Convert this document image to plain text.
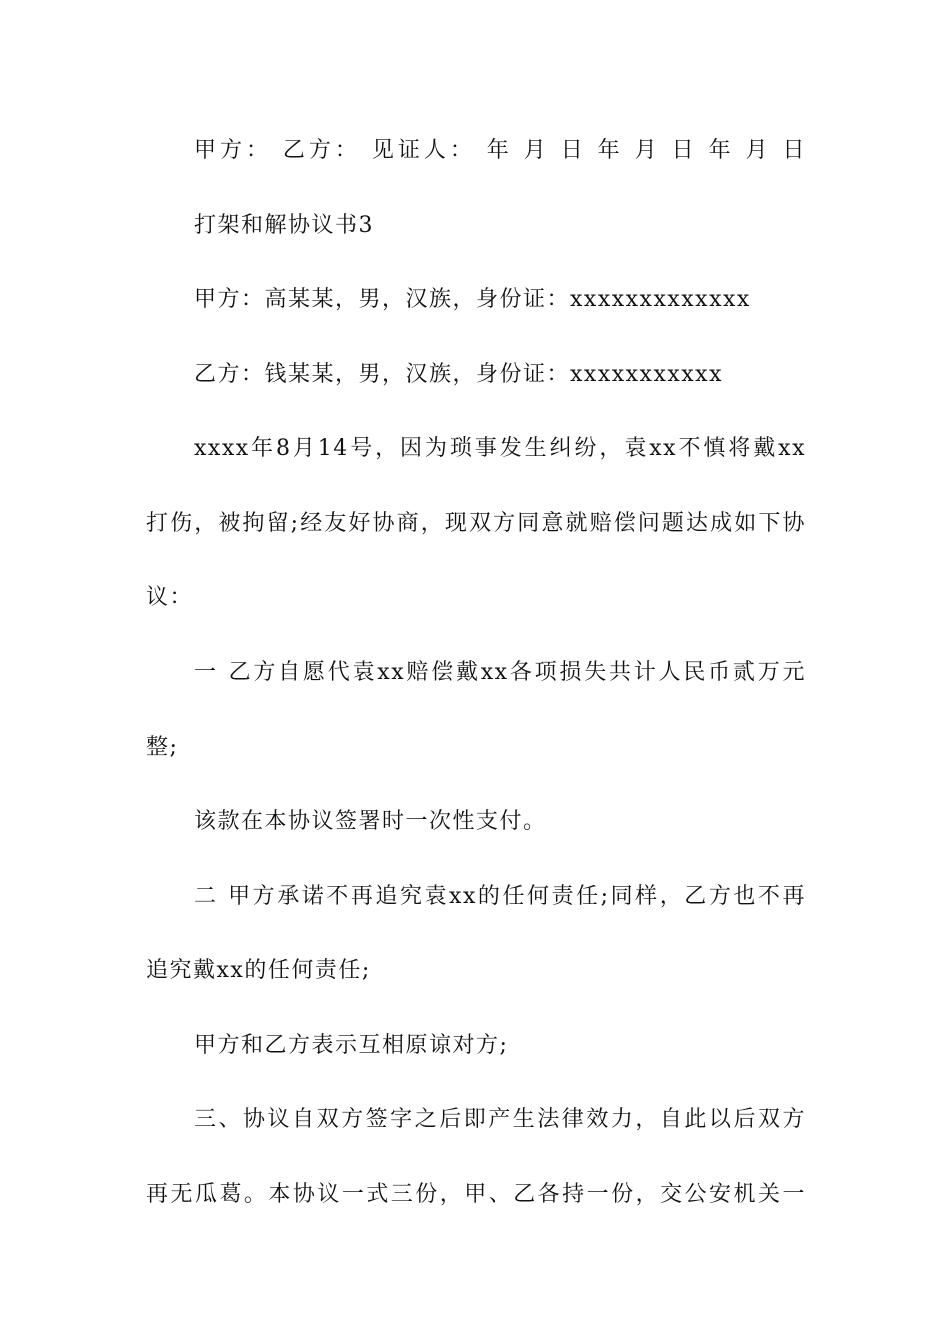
甲方： 乙方： 见证人： 年 月 日 年 月 日 年 月 日
打架和解协议书3
甲方：高某某，男，汉族，身份证：xxxxxxxxxxxxx
乙方：钱某某，男，汉族，身份证：xxxxxxxxxxx
xxxx年8月14号，因为琐事发生纠纷，袁xx不慎将戴xx
打伤，被拘留;经友好协商，现双方同意就赔偿问题达成如下协
议：
一 乙方自愿代袁xx赔偿戴xx各项损失共计人民币贰万元
整;
该款在本协议签署时一次性支付。
二 甲方承诺不再追究袁xx的任何责任;同样，乙方也不再
追究戴xx的任何责任;
甲方和乙方表示互相原谅对方;
三、协议自双方签字之后即产生法律效力，自此以后双方
再无瓜葛。本协议一式三份，甲、乙各持一份，交公安机关一
